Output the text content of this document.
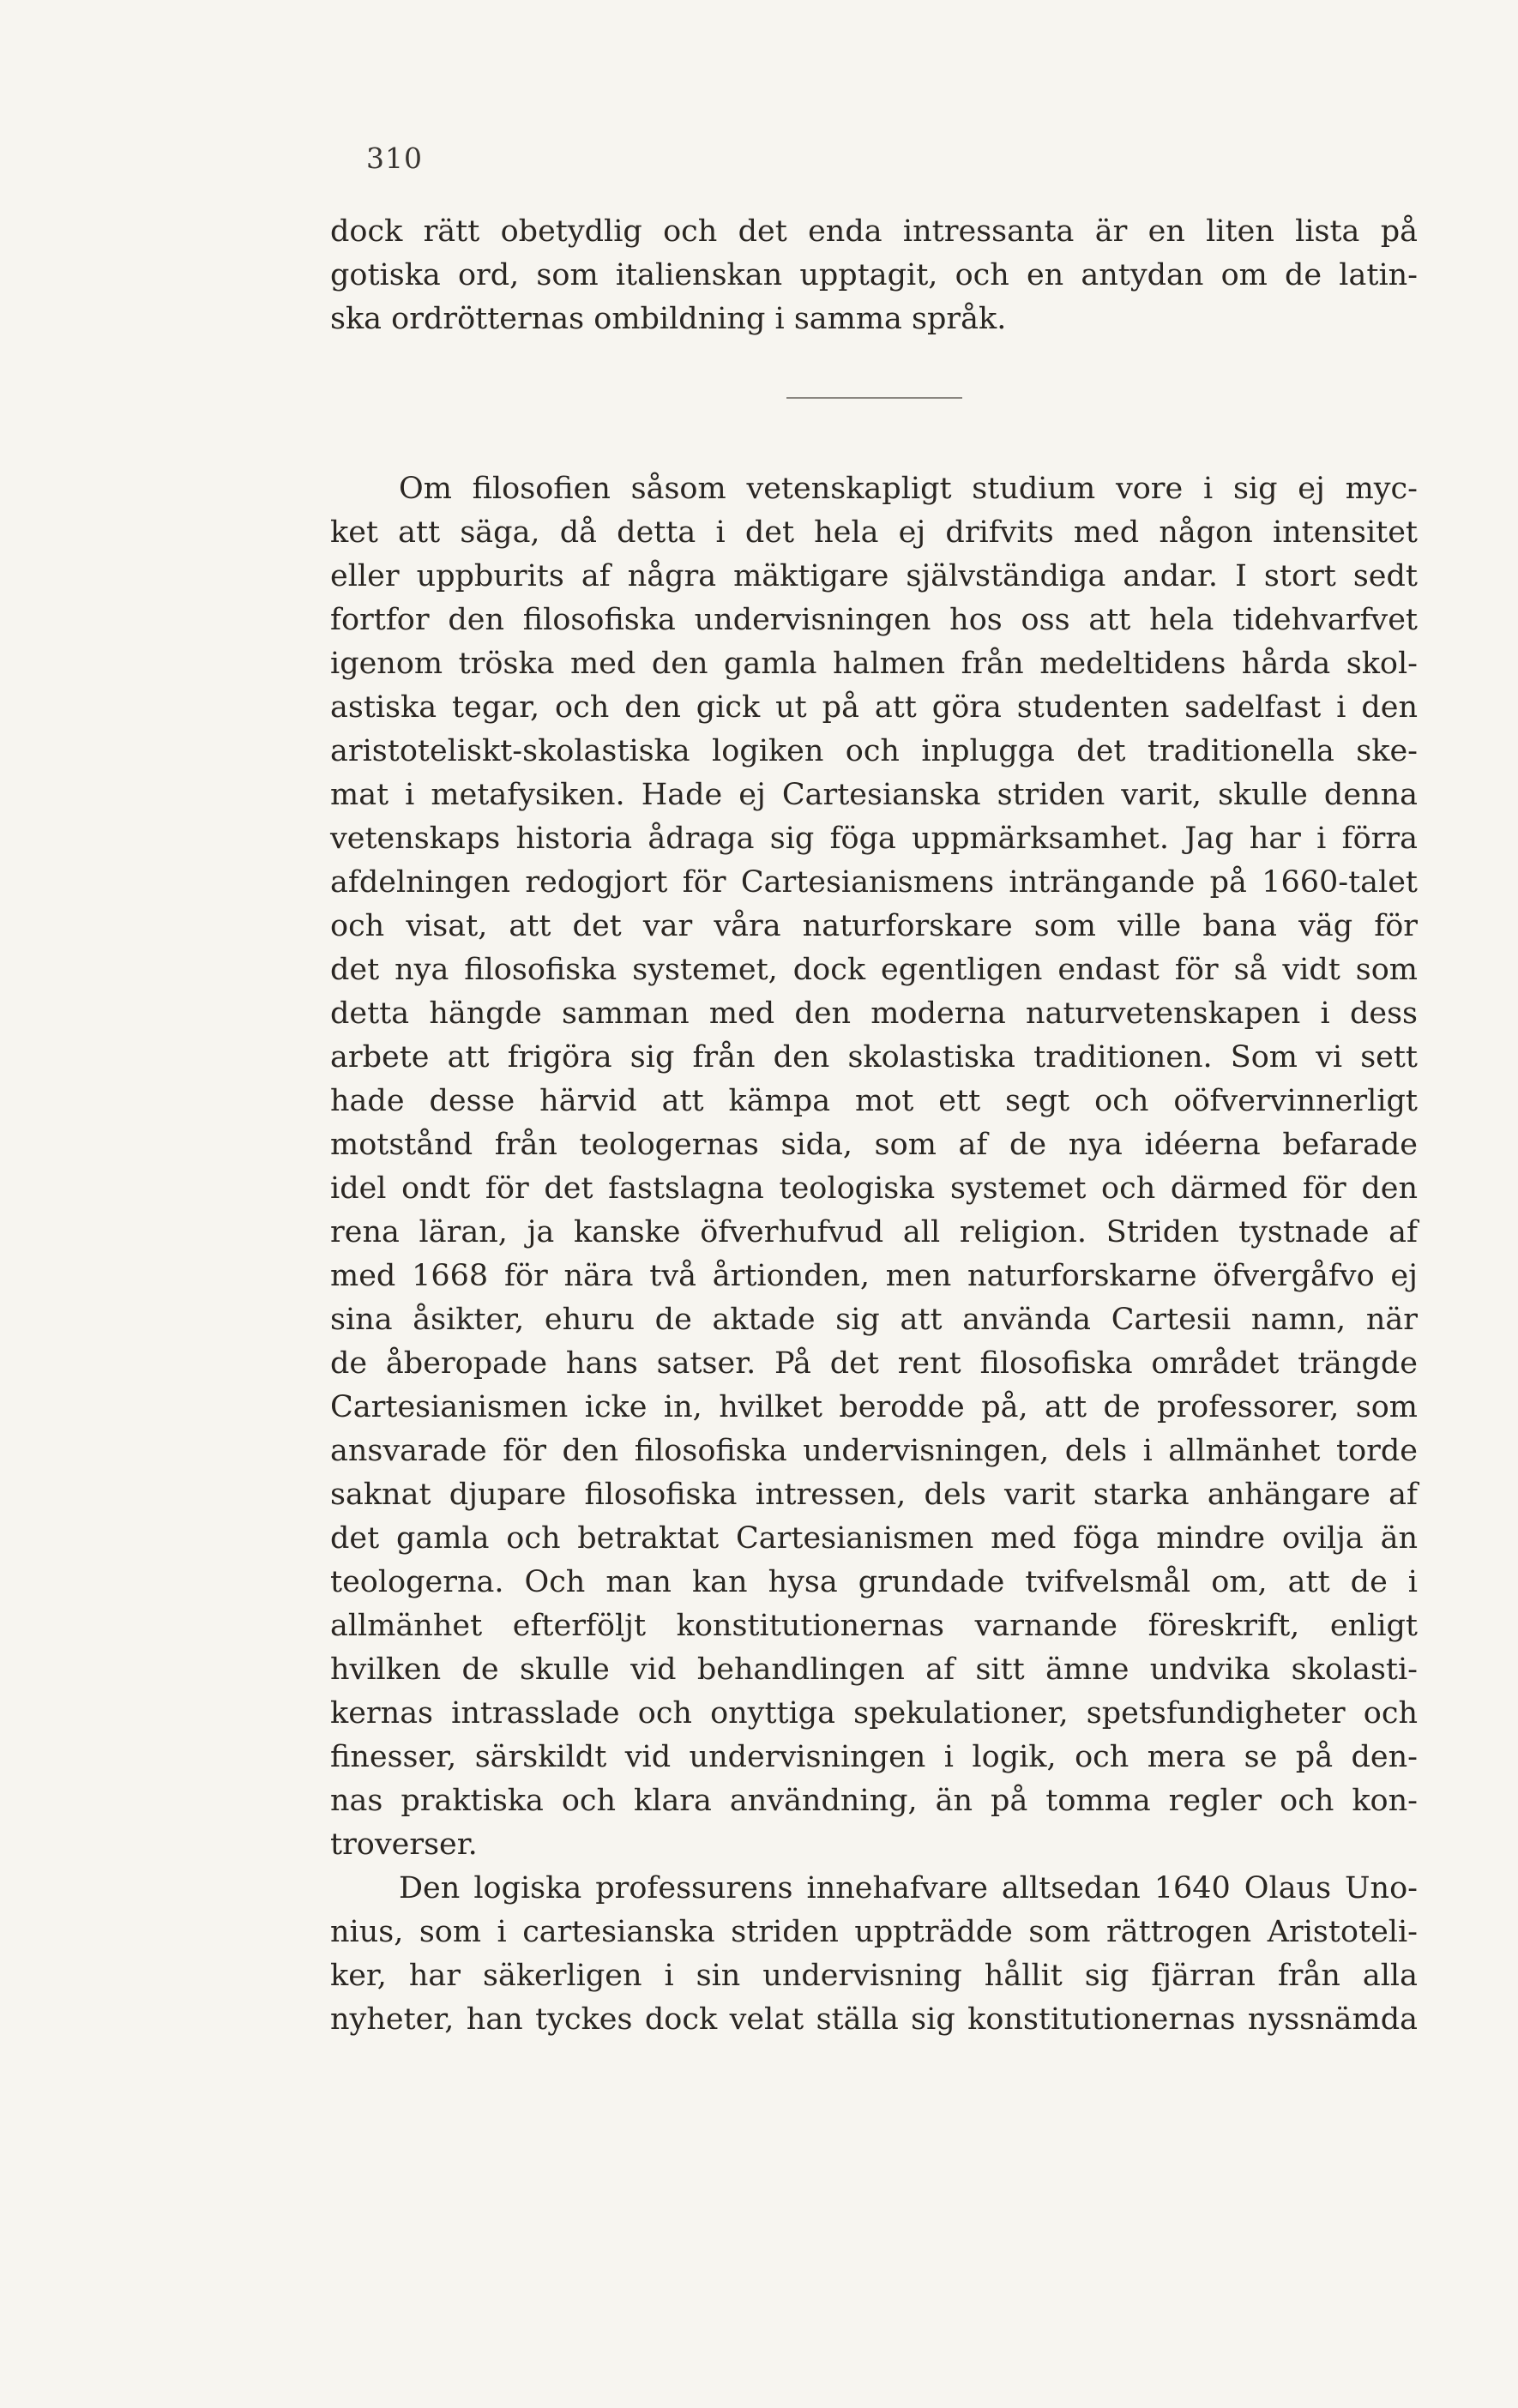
310
dock rätt obetydlig och det enda intressanta är en liten lista på
gotiska ord, som italienskan upptagit, och en antydan om de latin-
ska ordrötternas ombildning i samma språk.
Om filosofien såsom vetenskapligt studium vore i sig ej myc-
ket att säga, då detta i det hela ej drifvits med någon intensitet
eller uppburits af några mäktigare självständiga andar. I stort sedt
fortfor den filosofiska undervisningen hos oss att hela tidehvarfvet
igenom tröska med den gamla halmen från medeltidens hårda skol-
astiska tegar, och den gick ut på att göra studenten sadelfast i den
aristoteliskt-skolastiska logiken och inplugga det traditionella ske-
mat i metafysiken. Hade ej Cartesianska striden varit, skulle denna
vetenskaps historia ådraga sig föga uppmärksamhet. Jag har i förra
afdelningen redogjort för Cartesianismens inträngande på 1660-talet
och visat, att det var våra naturforskare som ville bana väg för
det nya filosofiska systemet, dock egentligen endast för så vidt som
detta hängde samman med den moderna naturvetenskapen i dess
arbete att frigöra sig från den skolastiska traditionen. Som vi sett
hade desse härvid att kämpa mot ett segt och oöfvervinnerligt
motstånd från teologernas sida, som af de nya idéerna befarade
idel ondt för det fastslagna teologiska systemet och därmed för den
rena läran, ja kanske öfverhufvud all religion. Striden tystnade af
med 1668 för nära två årtionden, men naturforskarne öfvergåfvo ej
sina åsikter, ehuru de aktade sig att använda Cartesii namn, när
de åberopade hans satser. På det rent filosofiska området trängde
Cartesianismen icke in, hvilket berodde på, att de professorer, som
ansvarade för den filosofiska undervisningen, dels i allmänhet torde
saknat djupare filosofiska intressen, dels varit starka anhängare af
det gamla och betraktat Cartesianismen med föga mindre ovilja än
teologerna. Och man kan hysa grundade tvifvelsmål om, att de i
allmänhet efterföljt konstitutionernas varnande föreskrift, enligt
hvilken de skulle vid behandlingen af sitt ämne undvika skolasti-
kernas intrasslade och onyttiga spekulationer, spetsfundigheter och
finesser, särskildt vid undervisningen i logik, och mera se på den-
nas praktiska och klara användning, än på tomma regler och kon-
troverser.
Den logiska professurens innehafvare alltsedan 1640 Olaus Uno-
nius, som i cartesianska striden uppträdde som rättrogen Aristoteli-
ker, har säkerligen i sin undervisning hållit sig fjärran från alla
nyheter, han tyckes dock velat ställa sig konstitutionernas nyssnämda
